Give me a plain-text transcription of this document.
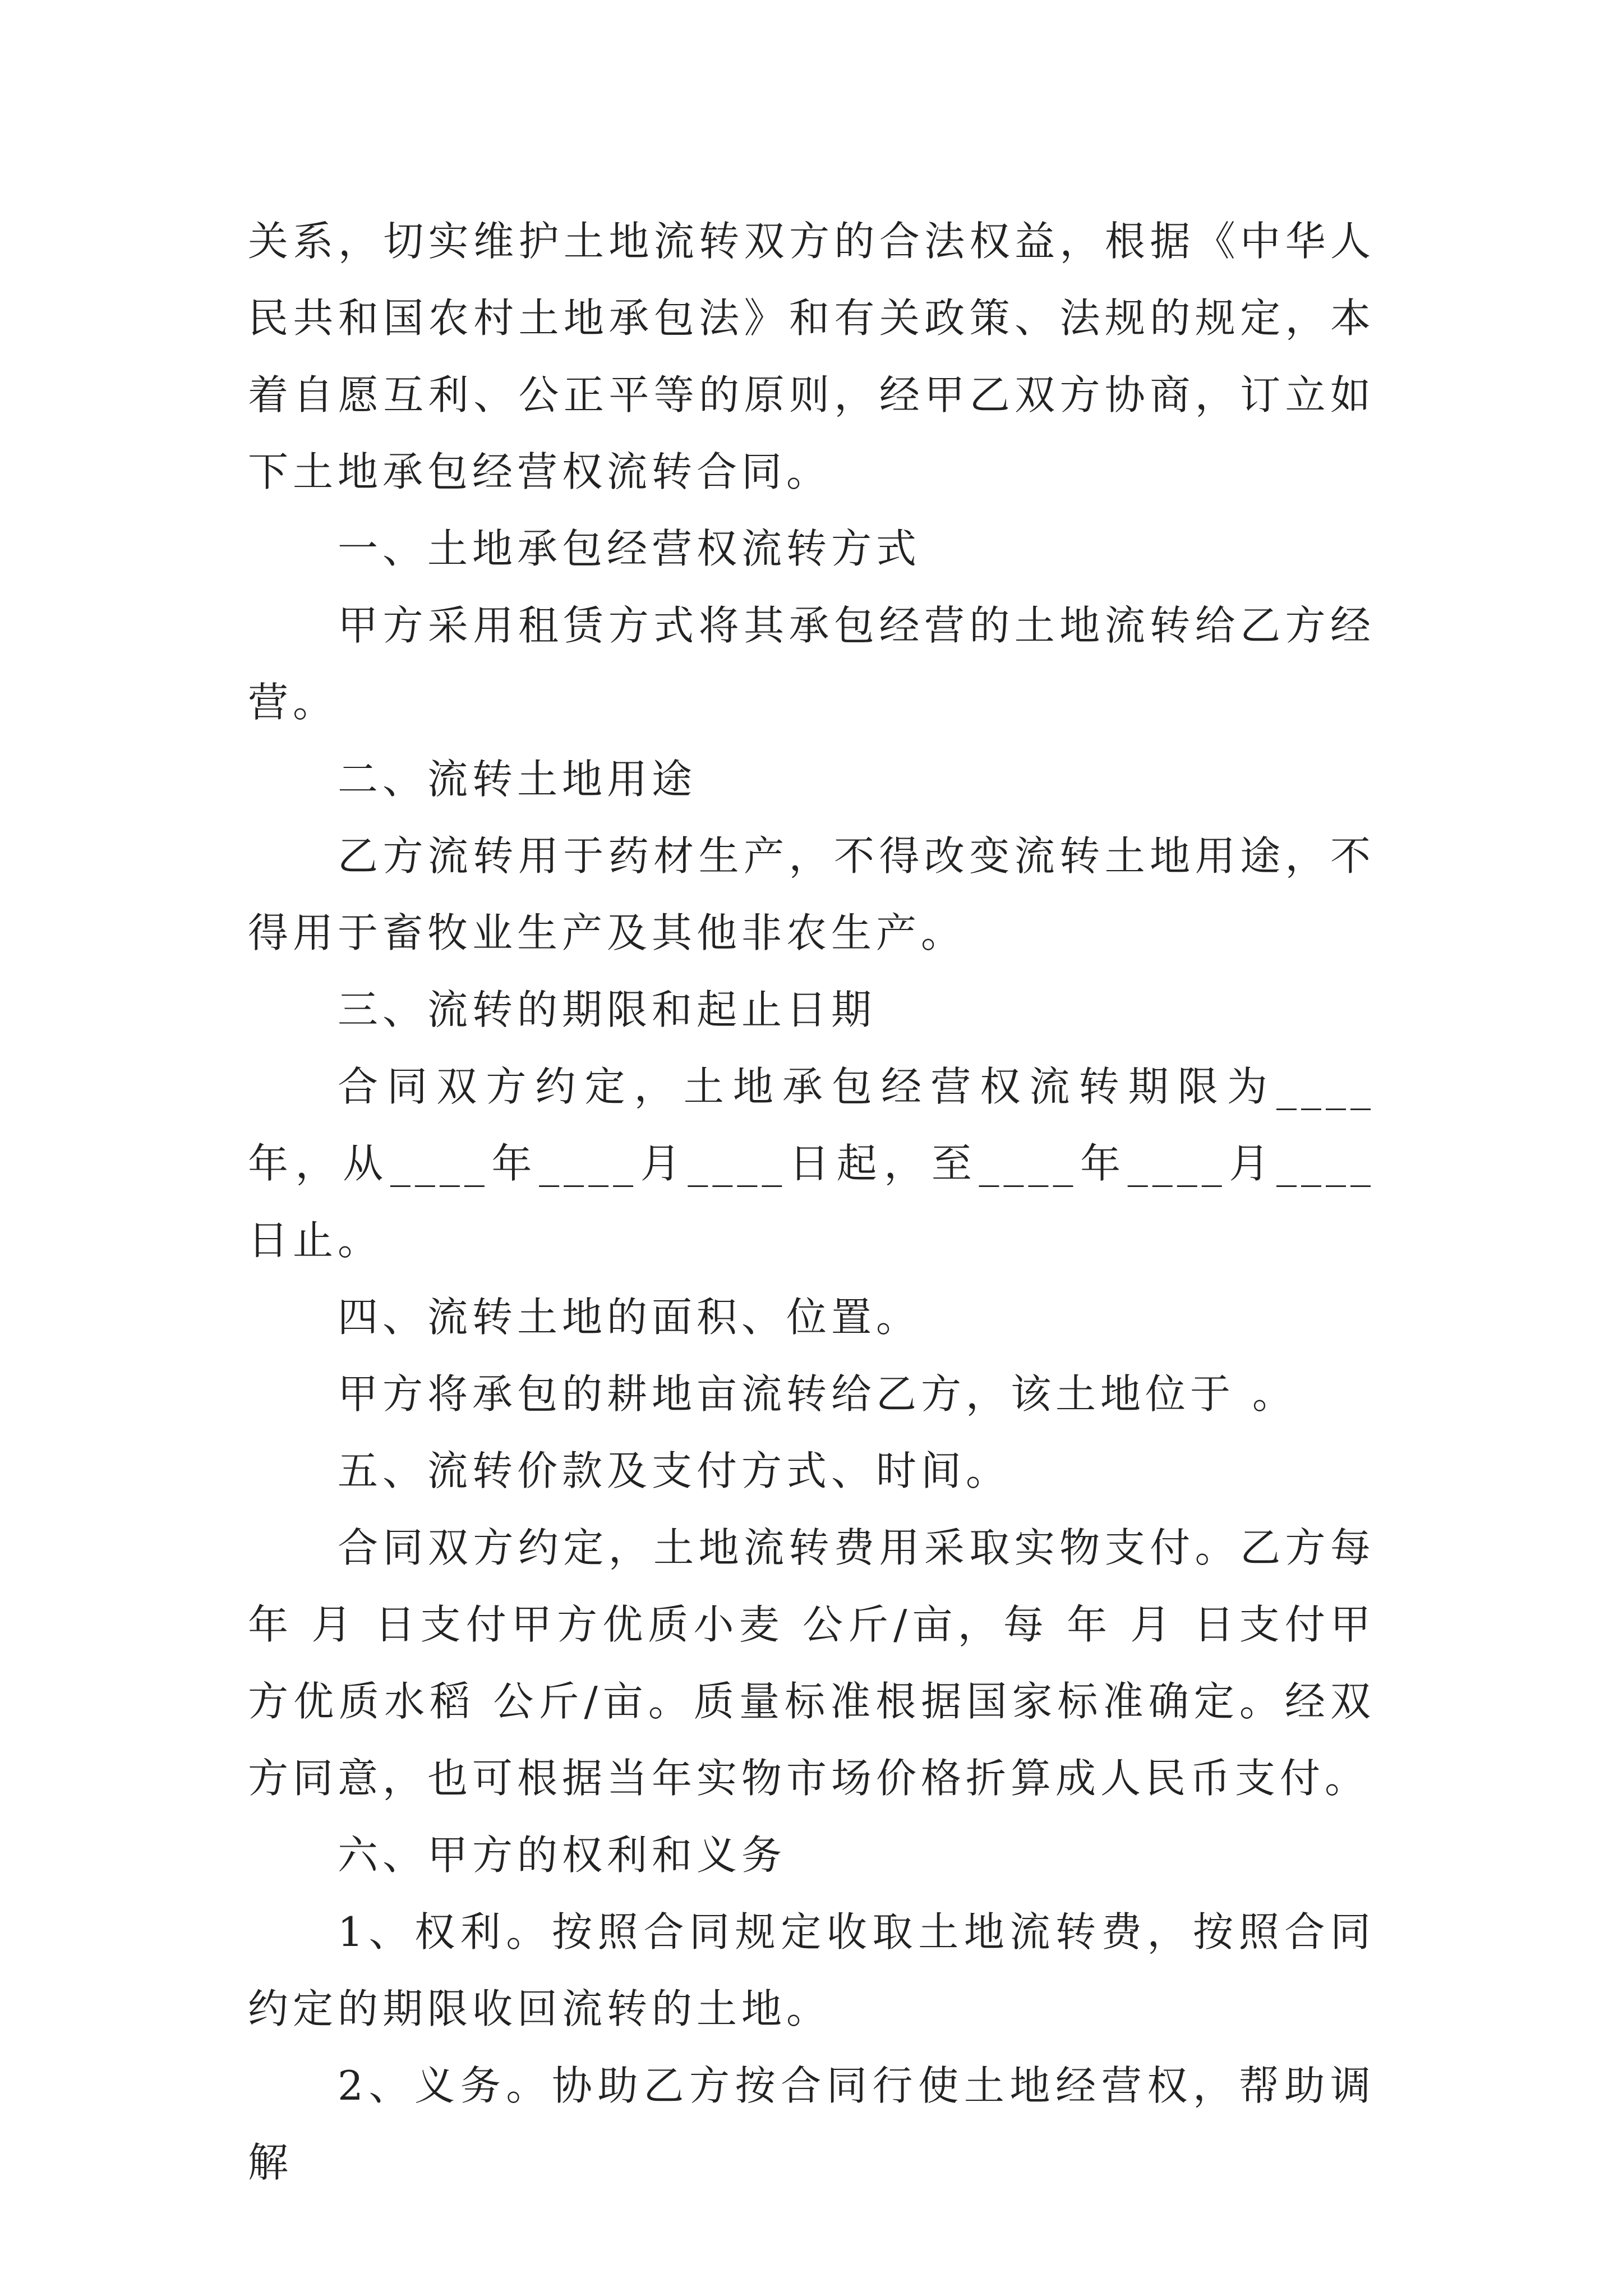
关系，切实维护土地流转双方的合法权益，根据《中华人民共和国农村土地承包法》和有关政策、法规的规定，本着自愿互利、公正平等的原则，经甲乙双方协商，订立如下土地承包经营权流转合同。

一、土地承包经营权流转方式

甲方采用租赁方式将其承包经营的土地流转给乙方经营。

二、流转土地用途

乙方流转用于药材生产，不得改变流转土地用途，不得用于畜牧业生产及其他非农生产。

三、流转的期限和起止日期

合同双方约定，土地承包经营权流转期限为____年，从____年____月____日起，至____年____月____日止。

四、流转土地的面积、位置。

甲方将承包的耕地亩流转给乙方，该土地位于 。

五、流转价款及支付方式、时间。

合同双方约定，土地流转费用采取实物支付。乙方每年 月 日支付甲方优质小麦 公斤/亩，每 年 月 日支付甲方优质水稻 公斤/亩。质量标准根据国家标准确定。经双方同意，也可根据当年实物市场价格折算成人民币支付。

六、甲方的权利和义务

1、权利。按照合同规定收取土地流转费，按照合同约定的期限收回流转的土地。

2、义务。协助乙方按合同行使土地经营权，帮助调解
